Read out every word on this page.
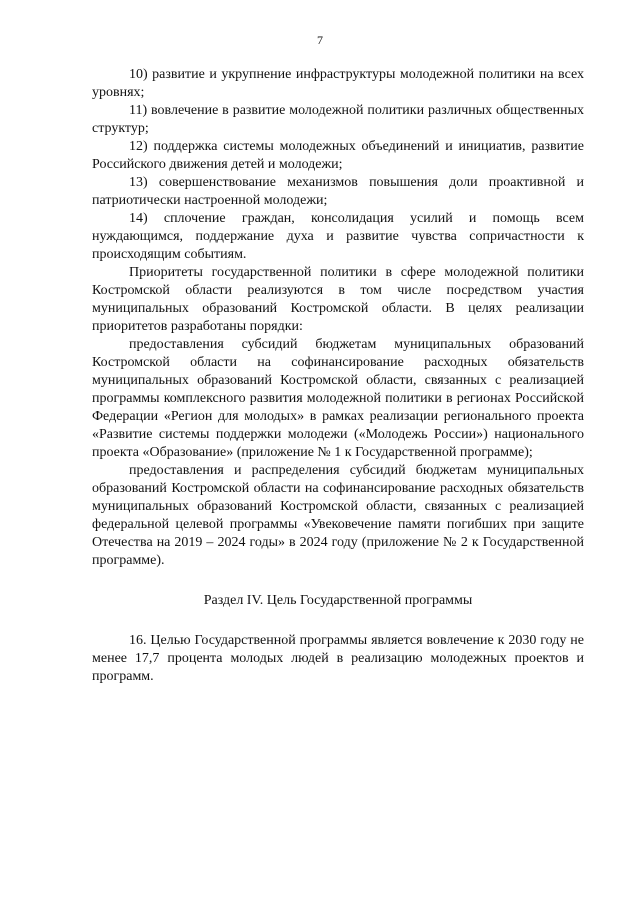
7

10) развитие и укрупнение инфраструктуры молодежной политики на всех уровнях;

11) вовлечение в развитие молодежной политики различных общественных структур;

12) поддержка системы молодежных объединений и инициатив, развитие Российского движения детей и молодежи;

13) совершенствование механизмов повышения доли проактивной и патриотически настроенной молодежи;

14) сплочение граждан, консолидация усилий и помощь всем нуждающимся, поддержание духа и развитие чувства сопричастности к происходящим событиям.

Приоритеты государственной политики в сфере молодежной политики Костромской области реализуются в том числе посредством участия муниципальных образований Костромской области. В целях реализации приоритетов разработаны порядки:

предоставления субсидий бюджетам муниципальных образований Костромской области на софинансирование расходных обязательств муниципальных образований Костромской области, связанных с реализацией программы комплексного развития молодежной политики в регионах Российской Федерации «Регион для молодых» в рамках реализации регионального проекта «Развитие системы поддержки молодежи («Молодежь России») национального проекта «Образование» (приложение № 1 к Государственной программе);

предоставления и распределения субсидий бюджетам муниципальных образований Костромской области на софинансирование расходных обязательств муниципальных образований Костромской области, связанных с реализацией федеральной целевой программы «Увековечение памяти погибших при защите Отечества на 2019 – 2024 годы» в 2024 году (приложение № 2 к Государственной программе).

Раздел IV. Цель Государственной программы

16. Целью Государственной программы является вовлечение к 2030 году не менее 17,7 процента молодых людей в реализацию молодежных проектов и программ.
